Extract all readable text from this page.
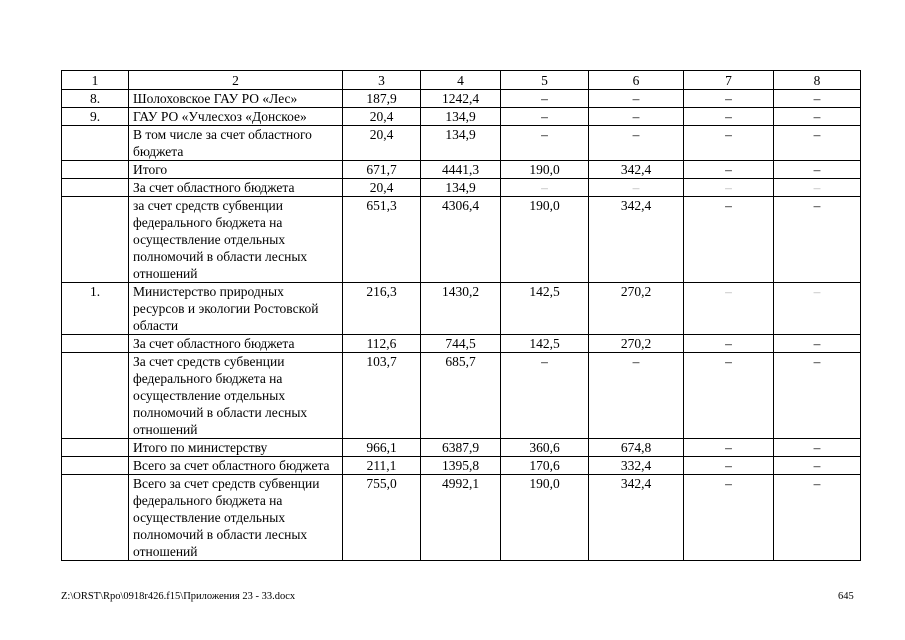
1	2	3	4	5	6	7	8
8.	Шолоховское ГАУ РО «Лес»	187,9	1242,4	–	–	–	–
9.	ГАУ РО «Учлесхоз «Донское»	20,4	134,9	–	–	–	–
	В том числе за счет областного бюджета	20,4	134,9	–	–	–	–
	Итого	671,7	4441,3	190,0	342,4	–	–
	За счет областного бюджета	20,4	134,9	–	–	–	–
	за счет средств субвенции федерального бюджета на осуществление отдельных полномочий в области лесных отношений	651,3	4306,4	190,0	342,4	–	–
1.	Министерство природных ресурсов и экологии Ростовской области	216,3	1430,2	142,5	270,2	–	–
	За счет областного бюджета	112,6	744,5	142,5	270,2	–	–
	За счет средств субвенции федерального бюджета на осуществление отдельных полномочий в области лесных отношений	103,7	685,7	–	–	–	–
	Итого по министерству	966,1	6387,9	360,6	674,8	–	–
	Всего за счет областного бюджета	211,1	1395,8	170,6	332,4	–	–
	Всего за счет средств субвенции федерального бюджета на осуществление отдельных полномочий в области лесных отношений	755,0	4992,1	190,0	342,4	–	–
Z:\ORST\Rpo\0918r426.f15\Приложения 23 - 33.docx	645
